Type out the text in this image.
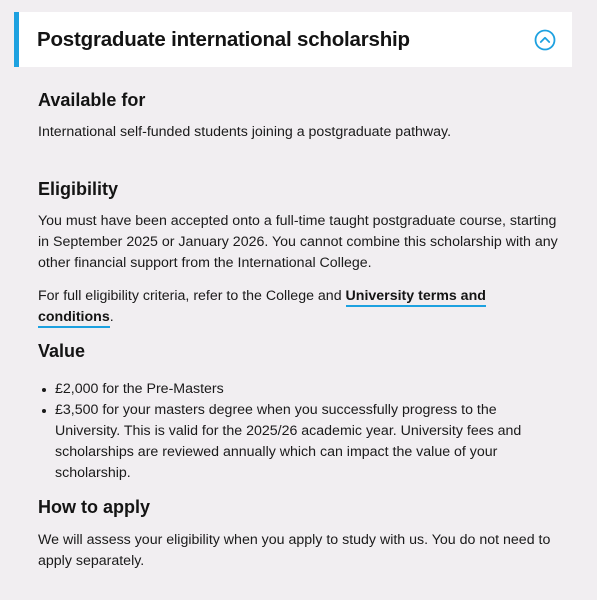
Postgraduate international scholarship
Available for

International self-funded students joining a postgraduate pathway.

Eligibility

You must have been accepted onto a full-time taught postgraduate course, starting in September 2025 or January 2026. You cannot combine this scholarship with any other financial support from the International College.

For full eligibility criteria, refer to the College and University terms and conditions.

Value
£2,000 for the Pre-Masters
£3,500 for your masters degree when you successfully progress to the University. This is valid for the 2025/26 academic year. University fees and scholarships are reviewed annually which can impact the value of your scholarship.
How to apply

We will assess your eligibility when you apply to study with us. You do not need to apply separately.
